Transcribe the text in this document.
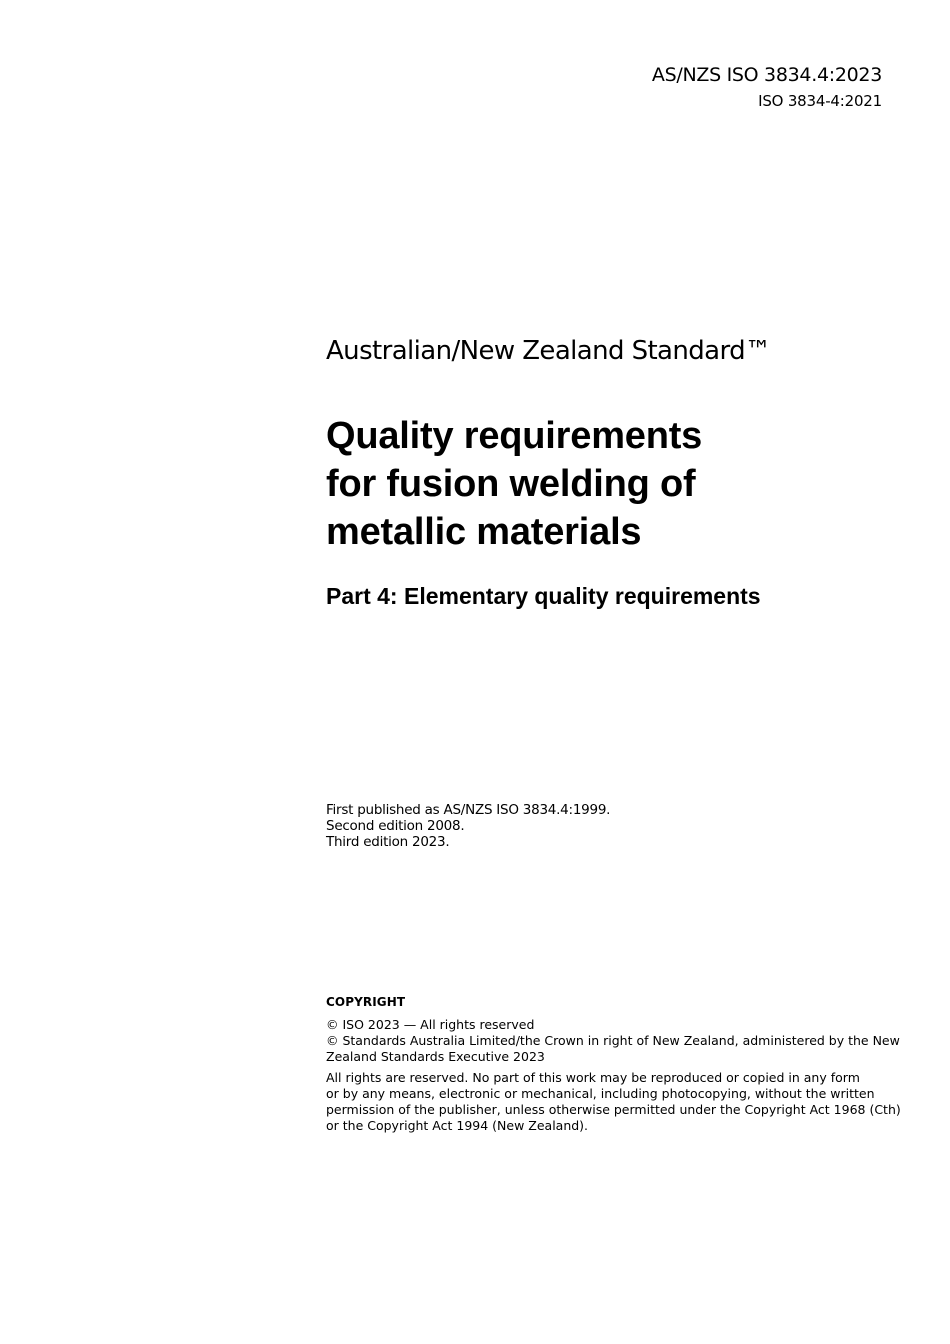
AS/NZS ISO 3834.4:2023
ISO 3834-4:2021
Australian/New Zealand Standard™
Quality requirements
for fusion welding of
metallic materials
Part 4: Elementary quality requirements
First published as AS/NZS ISO 3834.4:1999.
Second edition 2008.
Third edition 2023.
COPYRIGHT

© ISO 2023 — All rights reserved
© Standards Australia Limited/the Crown in right of New Zealand, administered by the New
Zealand Standards Executive 2023

All rights are reserved. No part of this work may be reproduced or copied in any form
or by any means, electronic or mechanical, including photocopying, without the written
permission of the publisher, unless otherwise permitted under the Copyright Act 1968 (Cth)
or the Copyright Act 1994 (New Zealand).
